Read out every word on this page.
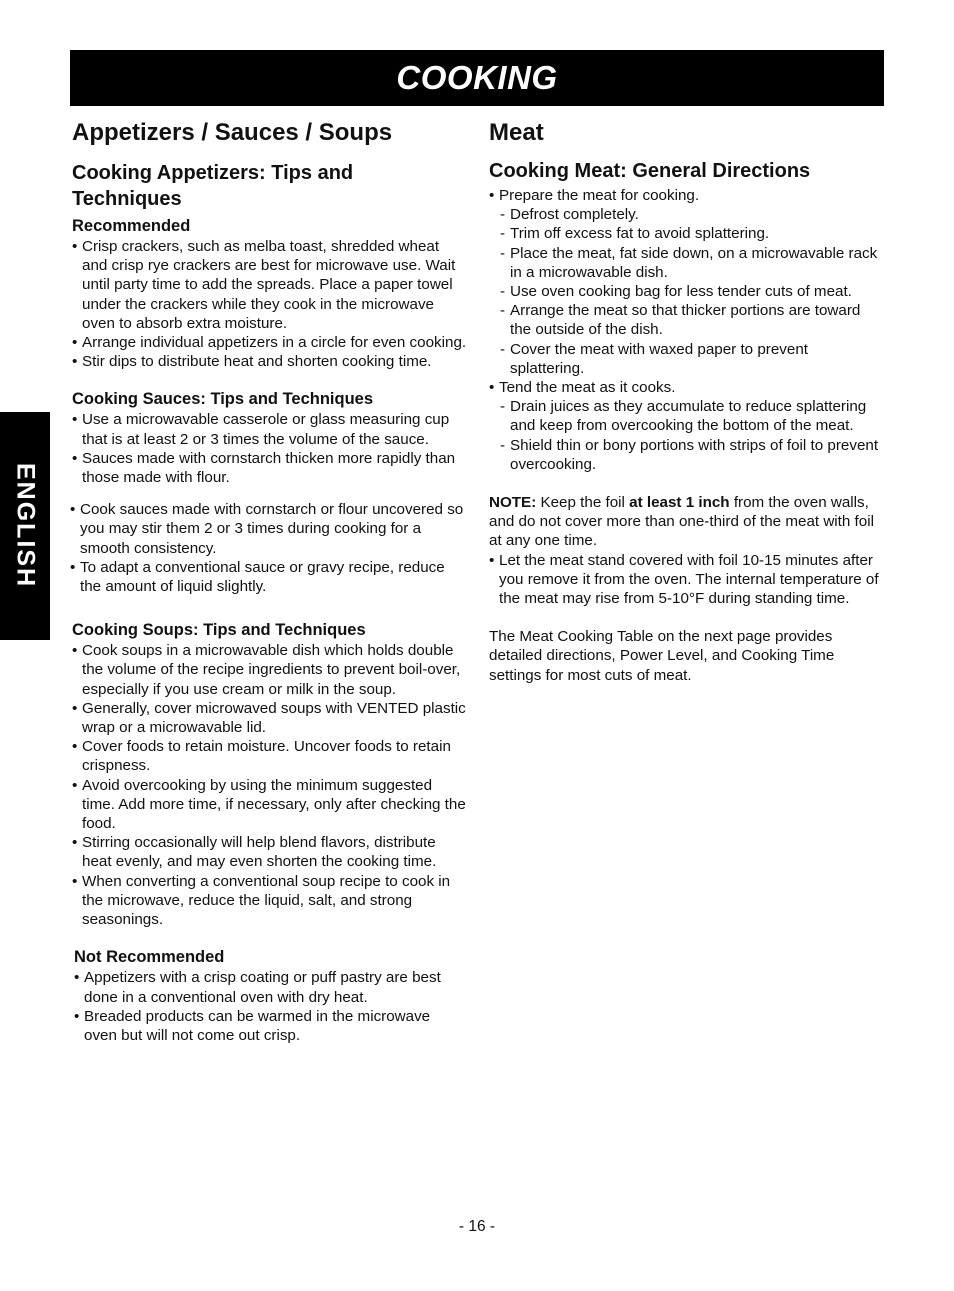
COOKING
ENGLISH
Appetizers / Sauces / Soups
Cooking Appetizers: Tips and Techniques
Recommended
• Crisp crackers, such as melba toast, shredded wheat and crisp rye crackers are best for microwave use. Wait until party time to add the spreads. Place a paper towel under the crackers while they cook in the microwave oven to absorb extra moisture.
• Arrange individual appetizers in a circle for even cooking.
• Stir dips to distribute heat and shorten cooking time.
Cooking Sauces: Tips and Techniques
• Use a microwavable casserole or glass measuring cup that is at least 2 or 3 times the volume of the sauce.
• Sauces made with cornstarch thicken more rapidly than those made with flour.
• Cook sauces made with cornstarch or flour uncovered so you may stir them 2 or 3 times during cooking for a smooth consistency.
• To adapt a conventional sauce or gravy recipe, reduce the amount of liquid slightly.
Cooking Soups: Tips and Techniques
• Cook soups in a microwavable dish which holds double the volume of the recipe ingredients to prevent boil-over, especially if you use cream or milk in the soup.
• Generally, cover microwaved soups with VENTED plastic wrap or a microwavable lid.
• Cover foods to retain moisture. Uncover foods to retain crispness.
• Avoid overcooking by using the minimum suggested time. Add more time, if necessary, only after checking the food.
• Stirring occasionally will help blend flavors, distribute heat evenly, and may even shorten the cooking time.
• When converting a conventional soup recipe to cook in the microwave, reduce the liquid, salt, and strong seasonings.
Not Recommended
• Appetizers with a crisp coating or puff pastry are best done in a conventional oven with dry heat.
• Breaded products can be warmed in the microwave oven but will not come out crisp.
Meat
Cooking Meat: General Directions
• Prepare the meat for cooking.
- Defrost completely.
- Trim off excess fat to avoid splattering.
- Place the meat, fat side down, on a microwavable rack in a microwavable dish.
- Use oven cooking bag for less tender cuts of meat.
- Arrange the meat so that thicker portions are toward the outside of the dish.
- Cover the meat with waxed paper to prevent splattering.
• Tend the meat as it cooks.
- Drain juices as they accumulate to reduce splattering and keep from overcooking the bottom of the meat.
- Shield thin or bony portions with strips of foil to prevent overcooking.

NOTE: Keep the foil at least 1 inch from the oven walls, and do not cover more than one-third of the meat with foil at any one time.

• Let the meat stand covered with foil 10-15 minutes after you remove it from the oven. The internal temperature of the meat may rise from 5-10°F during standing time.

The Meat Cooking Table on the next page provides detailed directions, Power Level, and Cooking Time settings for most cuts of meat.

- 16 -
